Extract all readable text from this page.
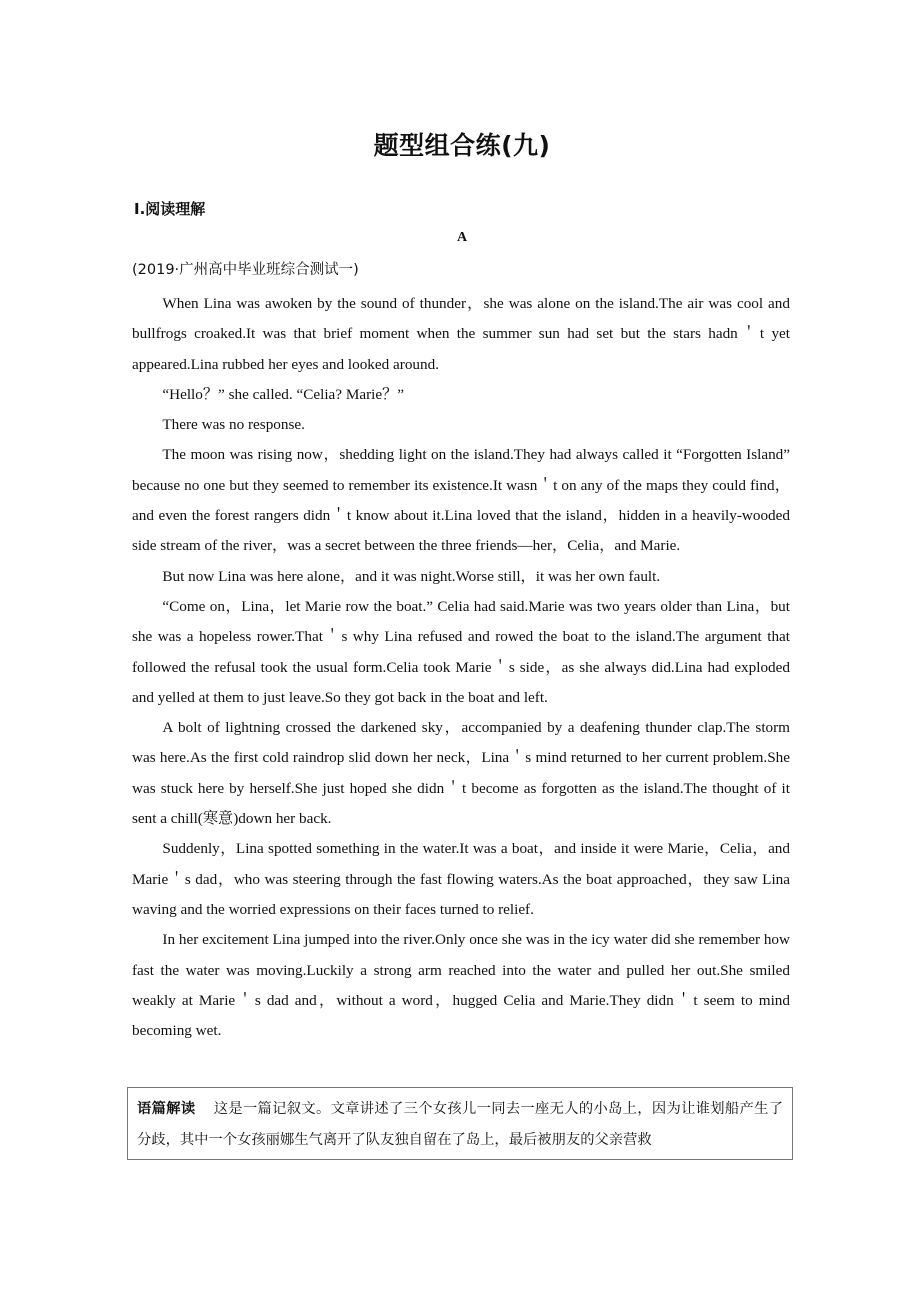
题型组合练(九)
Ⅰ.阅读理解
A
(2019·广州高中毕业班综合测试一)

When Lina was awoken by the sound of thunder，she was alone on the island.The air was cool and bullfrogs croaked.It was that brief moment when the summer sun had set but the stars hadn＇t yet appeared.Lina rubbed her eyes and looked around.

“Hello？” she called. “Celia? Marie？”

There was no response.

The moon was rising now，shedding light on the island.They had always called it “Forgotten Island” because no one but they seemed to remember its existence.It wasn＇t on any of the maps they could find，and even the forest rangers didn＇t know about it.Lina loved that the island，hidden in a heavily-wooded side stream of the river，was a secret between the three friends—her，Celia，and Marie.

But now Lina was here alone，and it was night.Worse still，it was her own fault.

“Come on，Lina，let Marie row the boat.” Celia had said.Marie was two years older than Lina，but she was a hopeless rower.That＇s why Lina refused and rowed the boat to the island.The argument that followed the refusal took the usual form.Celia took Marie＇s side，as she always did.Lina had exploded and yelled at them to just leave.So they got back in the boat and left.

A bolt of lightning crossed the darkened sky，accompanied by a deafening thunder clap.The storm was here.As the first cold raindrop slid down her neck，Lina＇s mind returned to her current problem.She was stuck here by herself.She just hoped she didn＇t become as forgotten as the island.The thought of it sent a chill(寒意)down her back.

Suddenly，Lina spotted something in the water.It was a boat，and inside it were Marie，Celia，and Marie＇s dad，who was steering through the fast flowing waters.As the boat approached，they saw Lina waving and the worried expressions on their faces turned to relief.

In her excitement Lina jumped into the river.Only once she was in the icy water did she remember how fast the water was moving.Luckily a strong arm reached into the water and pulled her out.She smiled weakly at Marie＇s dad and，without a word，hugged Celia and Marie.They didn＇t seem to mind becoming wet.

语篇解读 这是一篇记叙文。文章讲述了三个女孩儿一同去一座无人的小岛上，因为让谁划船产生了分歧，其中一个女孩丽娜生气离开了队友独自留在了岛上，最后被朋友的父亲营救
